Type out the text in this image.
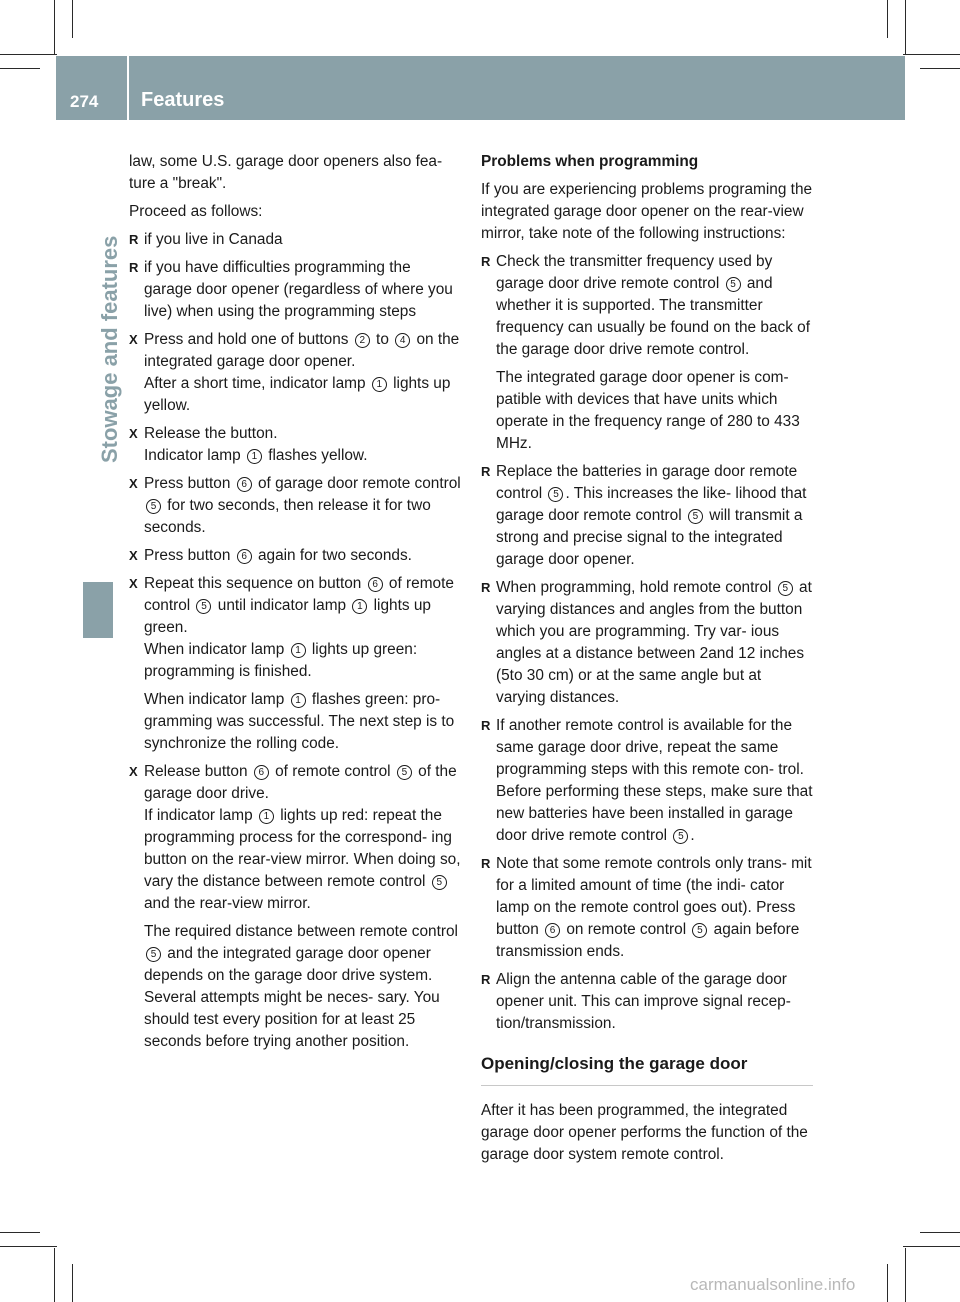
274 Features
Stowage and features

law, some U.S. garage door openers also fea- ture a "break".

Proceed as follows:

R if you live in Canada

R if you have difficulties programming the garage door opener (regardless of where you live) when using the programming steps

X Press and hold one of buttons 2 to 4 on the integrated garage door opener.
After a short time, indicator lamp 1 lights up yellow.

X Release the button.
Indicator lamp 1 flashes yellow.

X Press button 6 of garage door remote control 5 for two seconds, then release it for two seconds.

X Press button 6 again for two seconds.

X Repeat this sequence on button 6 of remote control 5 until indicator lamp 1 lights up green.
When indicator lamp 1 lights up green: programming is finished.

When indicator lamp 1 flashes green: pro- gramming was successful. The next step is to synchronize the rolling code.

X Release button 6 of remote control 5 of the garage door drive.
If indicator lamp 1 lights up red: repeat the programming process for the correspond- ing button on the rear-view mirror. When doing so, vary the distance between remote control 5 and the rear-view mirror.

The required distance between remote control 5 and the integrated garage door opener depends on the garage door drive system. Several attempts might be neces- sary. You should test every position for at least 25 seconds before trying another position.

Problems when programming

If you are experiencing problems programing the integrated garage door opener on the rear-view mirror, take note of the following instructions:

R Check the transmitter frequency used by garage door drive remote control 5 and whether it is supported. The transmitter frequency can usually be found on the back of the garage door drive remote control.

The integrated garage door opener is com- patible with devices that have units which operate in the frequency range of 280 to 433 MHz.

R Replace the batteries in garage door remote control 5 . This increases the like- lihood that garage door remote control 5 will transmit a strong and precise signal to the integrated garage door opener.

R When programming, hold remote control 5 at varying distances and angles from the button which you are programming. Try var- ious angles at a distance between 2and 12 inches (5to 30 cm) or at the same angle but at varying distances.

R If another remote control is available for the same garage door drive, repeat the same programming steps with this remote con- trol. Before performing these steps, make sure that new batteries have been installed in garage door drive remote control 5 .

R Note that some remote controls only trans- mit for a limited amount of time (the indi- cator lamp on the remote control goes out). Press button 6 on remote control 5 again before transmission ends.

R Align the antenna cable of the garage door opener unit. This can improve signal recep- tion/transmission.

Opening/closing the garage door

After it has been programmed, the integrated garage door opener performs the function of the garage door system remote control.

carmanualsonline.info
